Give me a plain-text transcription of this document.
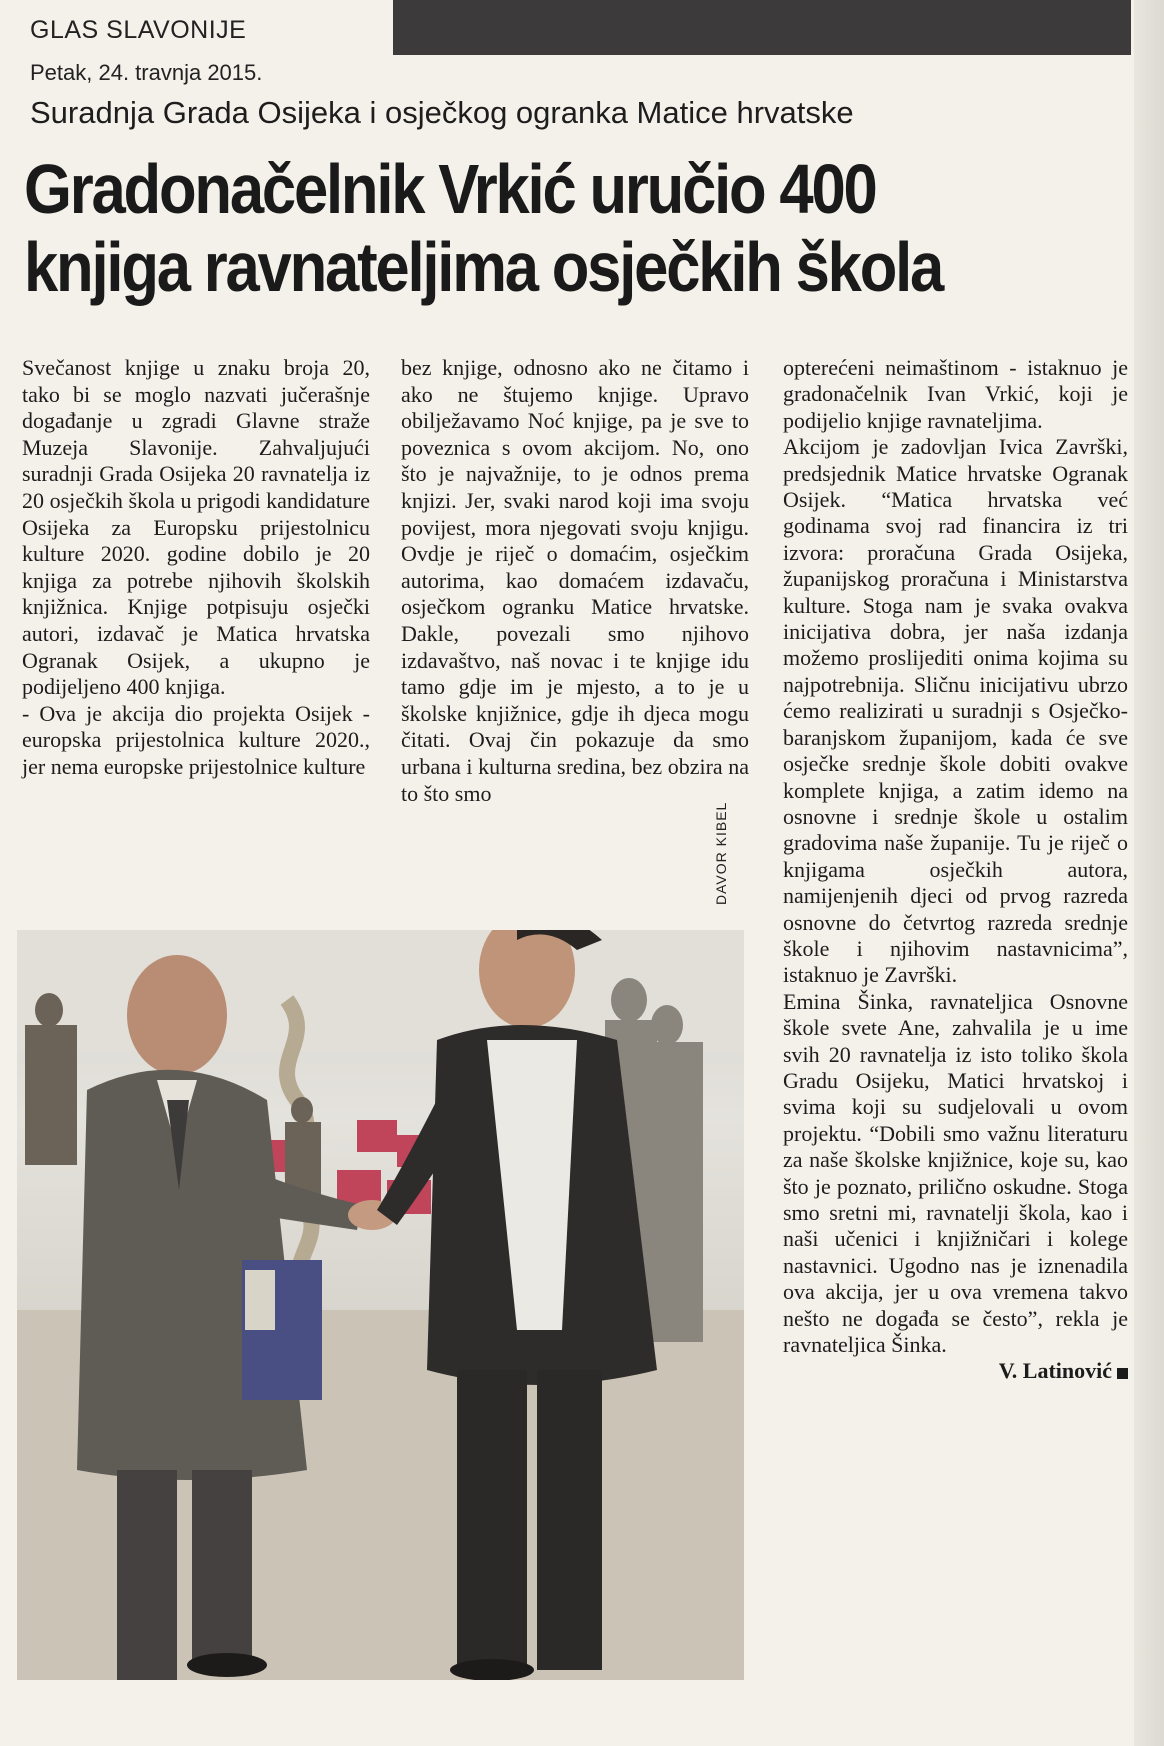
GLAS SLAVONIJE
Petak, 24. travnja 2015.
Suradnja Grada Osijeka i osječkog ogranka Matice hrvatske
Gradonačelnik Vrkić uručio 400
knjiga ravnateljima osječkih škola

Svečanost knjige u znaku broja 20, tako bi se moglo nazvati jučerašnje događanje u zgradi Glavne straže Muzeja Slavonije. Zahvaljujući suradnji Grada Osijeka 20 ravnatelja iz 20 osječkih škola u prigodi kandidature Osijeka za Europsku prijestolnicu kulture 2020. godine dobilo je 20 knjiga za potrebe njihovih školskih knjižnica. Knjige potpisuju osječki autori, izdavač je Matica hrvatska Ogranak Osijek, a ukupno je podijeljeno 400 knjiga.

- Ova je akcija dio projekta Osijek - europska prijestolnica kulture 2020., jer nema europske prijestolnice kulture

bez knjige, odnosno ako ne čitamo i ako ne štujemo knjige. Upravo obilježavamo Noć knjige, pa je sve to poveznica s ovom akcijom. No, ono što je najvažnije, to je odnos prema knjizi. Jer, svaki narod koji ima svoju povijest, mora njegovati svoju knjigu. Ovdje je riječ o domaćim, osječkim autorima, kao domaćem izdavaču, osječkom ogranku Matice hrvatske. Dakle, povezali smo njihovo izdavaštvo, naš novac i te knjige idu tamo gdje im je mjesto, a to je u školske knjižnice, gdje ih djeca mogu čitati. Ovaj čin pokazuje da smo urbana i kulturna sredina, bez obzira na to što smo

opterećeni neimaštinom - istaknuo je gradonačelnik Ivan Vrkić, koji je podijelio knjige ravnateljima.

Akcijom je zadovljan Ivica Završki, predsjednik Matice hrvatske Ogranak Osijek. “Matica hrvatska već godinama svoj rad financira iz tri izvora: proračuna Grada Osijeka, županijskog proračuna i Ministarstva kulture. Stoga nam je svaka ovakva inicijativa dobra, jer naša izdanja možemo proslijediti onima kojima su najpotrebnija. Sličnu inicijativu ubrzo ćemo realizirati u suradnji s Osječko-baranjskom županijom, kada će sve osječke srednje škole dobiti ovakve komplete knjiga, a zatim idemo na osnovne i srednje škole u ostalim gradovima naše županije. Tu je riječ o knjigama osječkih autora, namijenjenih djeci od prvog razreda osnovne do četvrtog razreda srednje škole i njihovim nastavnicima”, istaknuo je Završki.

Emina Šinka, ravnateljica Osnovne škole svete Ane, zahvalila je u ime svih 20 ravnatelja iz isto toliko škola Gradu Osijeku, Matici hrvatskoj i svima koji su sudjelovali u ovom projektu. “Dobili smo važnu literaturu za naše školske knjižnice, koje su, kao što je poznato, prilično oskudne. Stoga smo sretni mi, ravnatelji škola, kao i naši učenici i knjižničari i kolege nastavnici. Ugodno nas je iznenadila ova akcija, jer u ova vremena takvo nešto ne događa se često”, rekla je ravnateljica Šinka.

V. Latinović

DAVOR KIBEL
